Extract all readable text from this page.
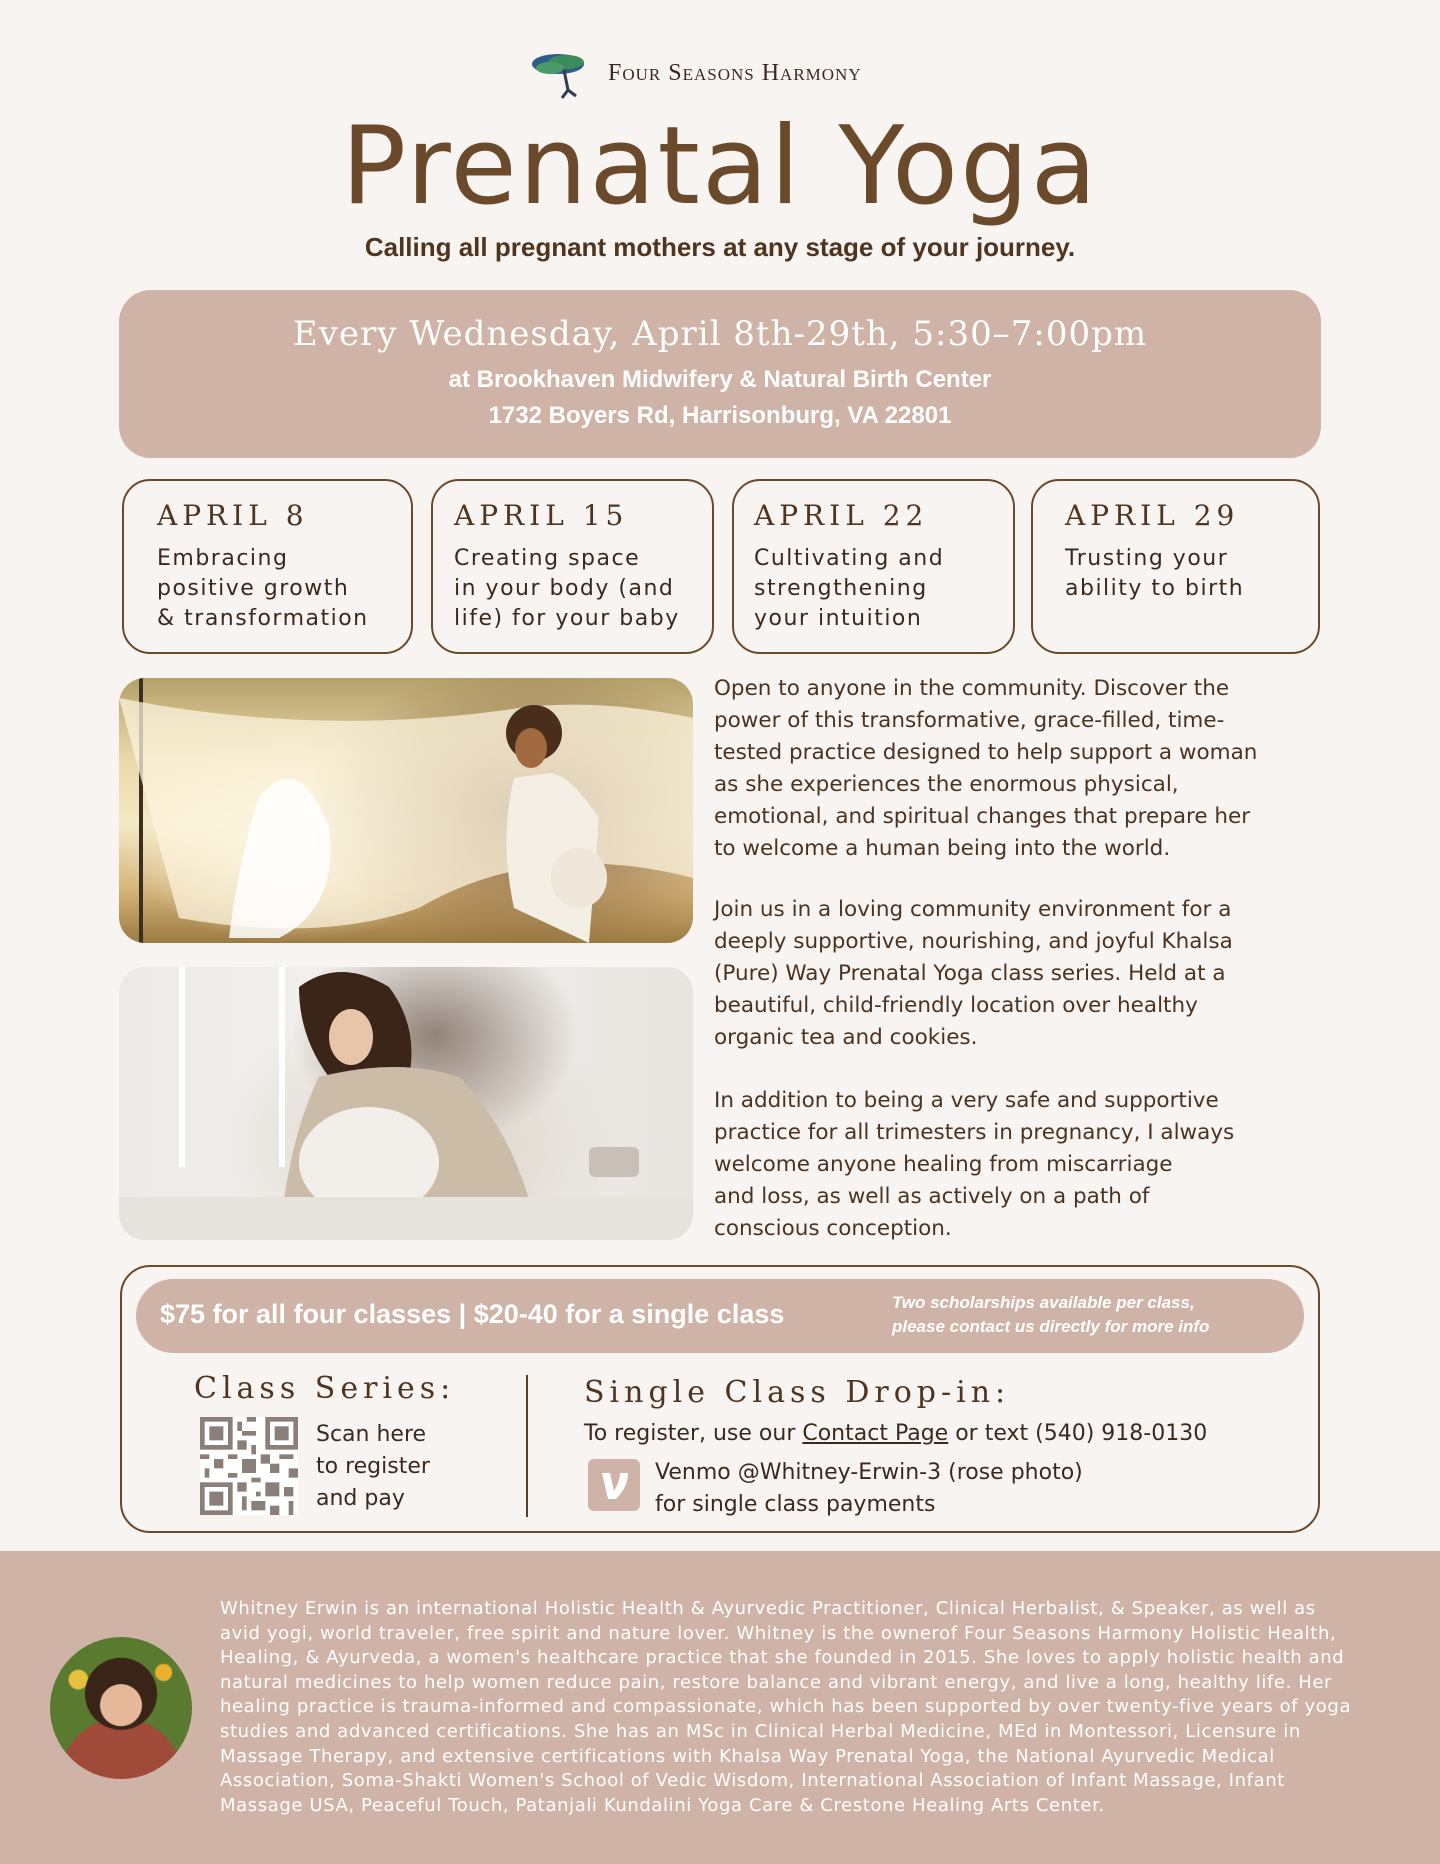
Four Seasons Harmony
Prenatal Yoga
Calling all pregnant mothers at any stage of your journey.
Every Wednesday, April 8th-29th, 5:30–7:00pm
at Brookhaven Midwifery & Natural Birth Center
1732 Boyers Rd, Harrisonburg, VA 22801
APRIL 8
Embracing
positive growth
& transformation
APRIL 15
Creating space
in your body (and
life) for your baby
APRIL 22
Cultivating and
strengthening
your intuition
APRIL 29
Trusting your
ability to birth
Open to anyone in the community. Discover the
power of this transformative, grace-filled, time-
tested practice designed to help support a woman
as she experiences the enormous physical,
emotional, and spiritual changes that prepare her
to welcome a human being into the world.
Join us in a loving community environment for a
deeply supportive, nourishing, and joyful Khalsa
(Pure) Way Prenatal Yoga class series. Held at a
beautiful, child-friendly location over healthy
organic tea and cookies.
In addition to being a very safe and supportive
practice for all trimesters in pregnancy, I always
welcome anyone healing from miscarriage
and loss, as well as actively on a path of
conscious conception.
$75 for all four classes | $20-40 for a single class	Two scholarships available per class,
please contact us directly for more info
Class Series:
Scan here
to register
and pay
Single Class Drop-in:
To register, use our Contact Page or text (540) 918-0130
Venmo @Whitney-Erwin-3 (rose photo)
for single class payments
Whitney Erwin is an international Holistic Health & Ayurvedic Practitioner, Clinical Herbalist, & Speaker, as well as
avid yogi, world traveler, free spirit and nature lover. Whitney is the ownerof Four Seasons Harmony Holistic Health,
Healing, & Ayurveda, a women's healthcare practice that she founded in 2015. She loves to apply holistic health and
natural medicines to help women reduce pain, restore balance and vibrant energy, and live a long, healthy life. Her
healing practice is trauma-informed and compassionate, which has been supported by over twenty-five years of yoga
studies and advanced certifications. She has an MSc in Clinical Herbal Medicine, MEd in Montessori, Licensure in
Massage Therapy, and extensive certifications with Khalsa Way Prenatal Yoga, the National Ayurvedic Medical
Association, Soma-Shakti Women's School of Vedic Wisdom, International Association of Infant Massage, Infant
Massage USA, Peaceful Touch, Patanjali Kundalini Yoga Care & Crestone Healing Arts Center.
